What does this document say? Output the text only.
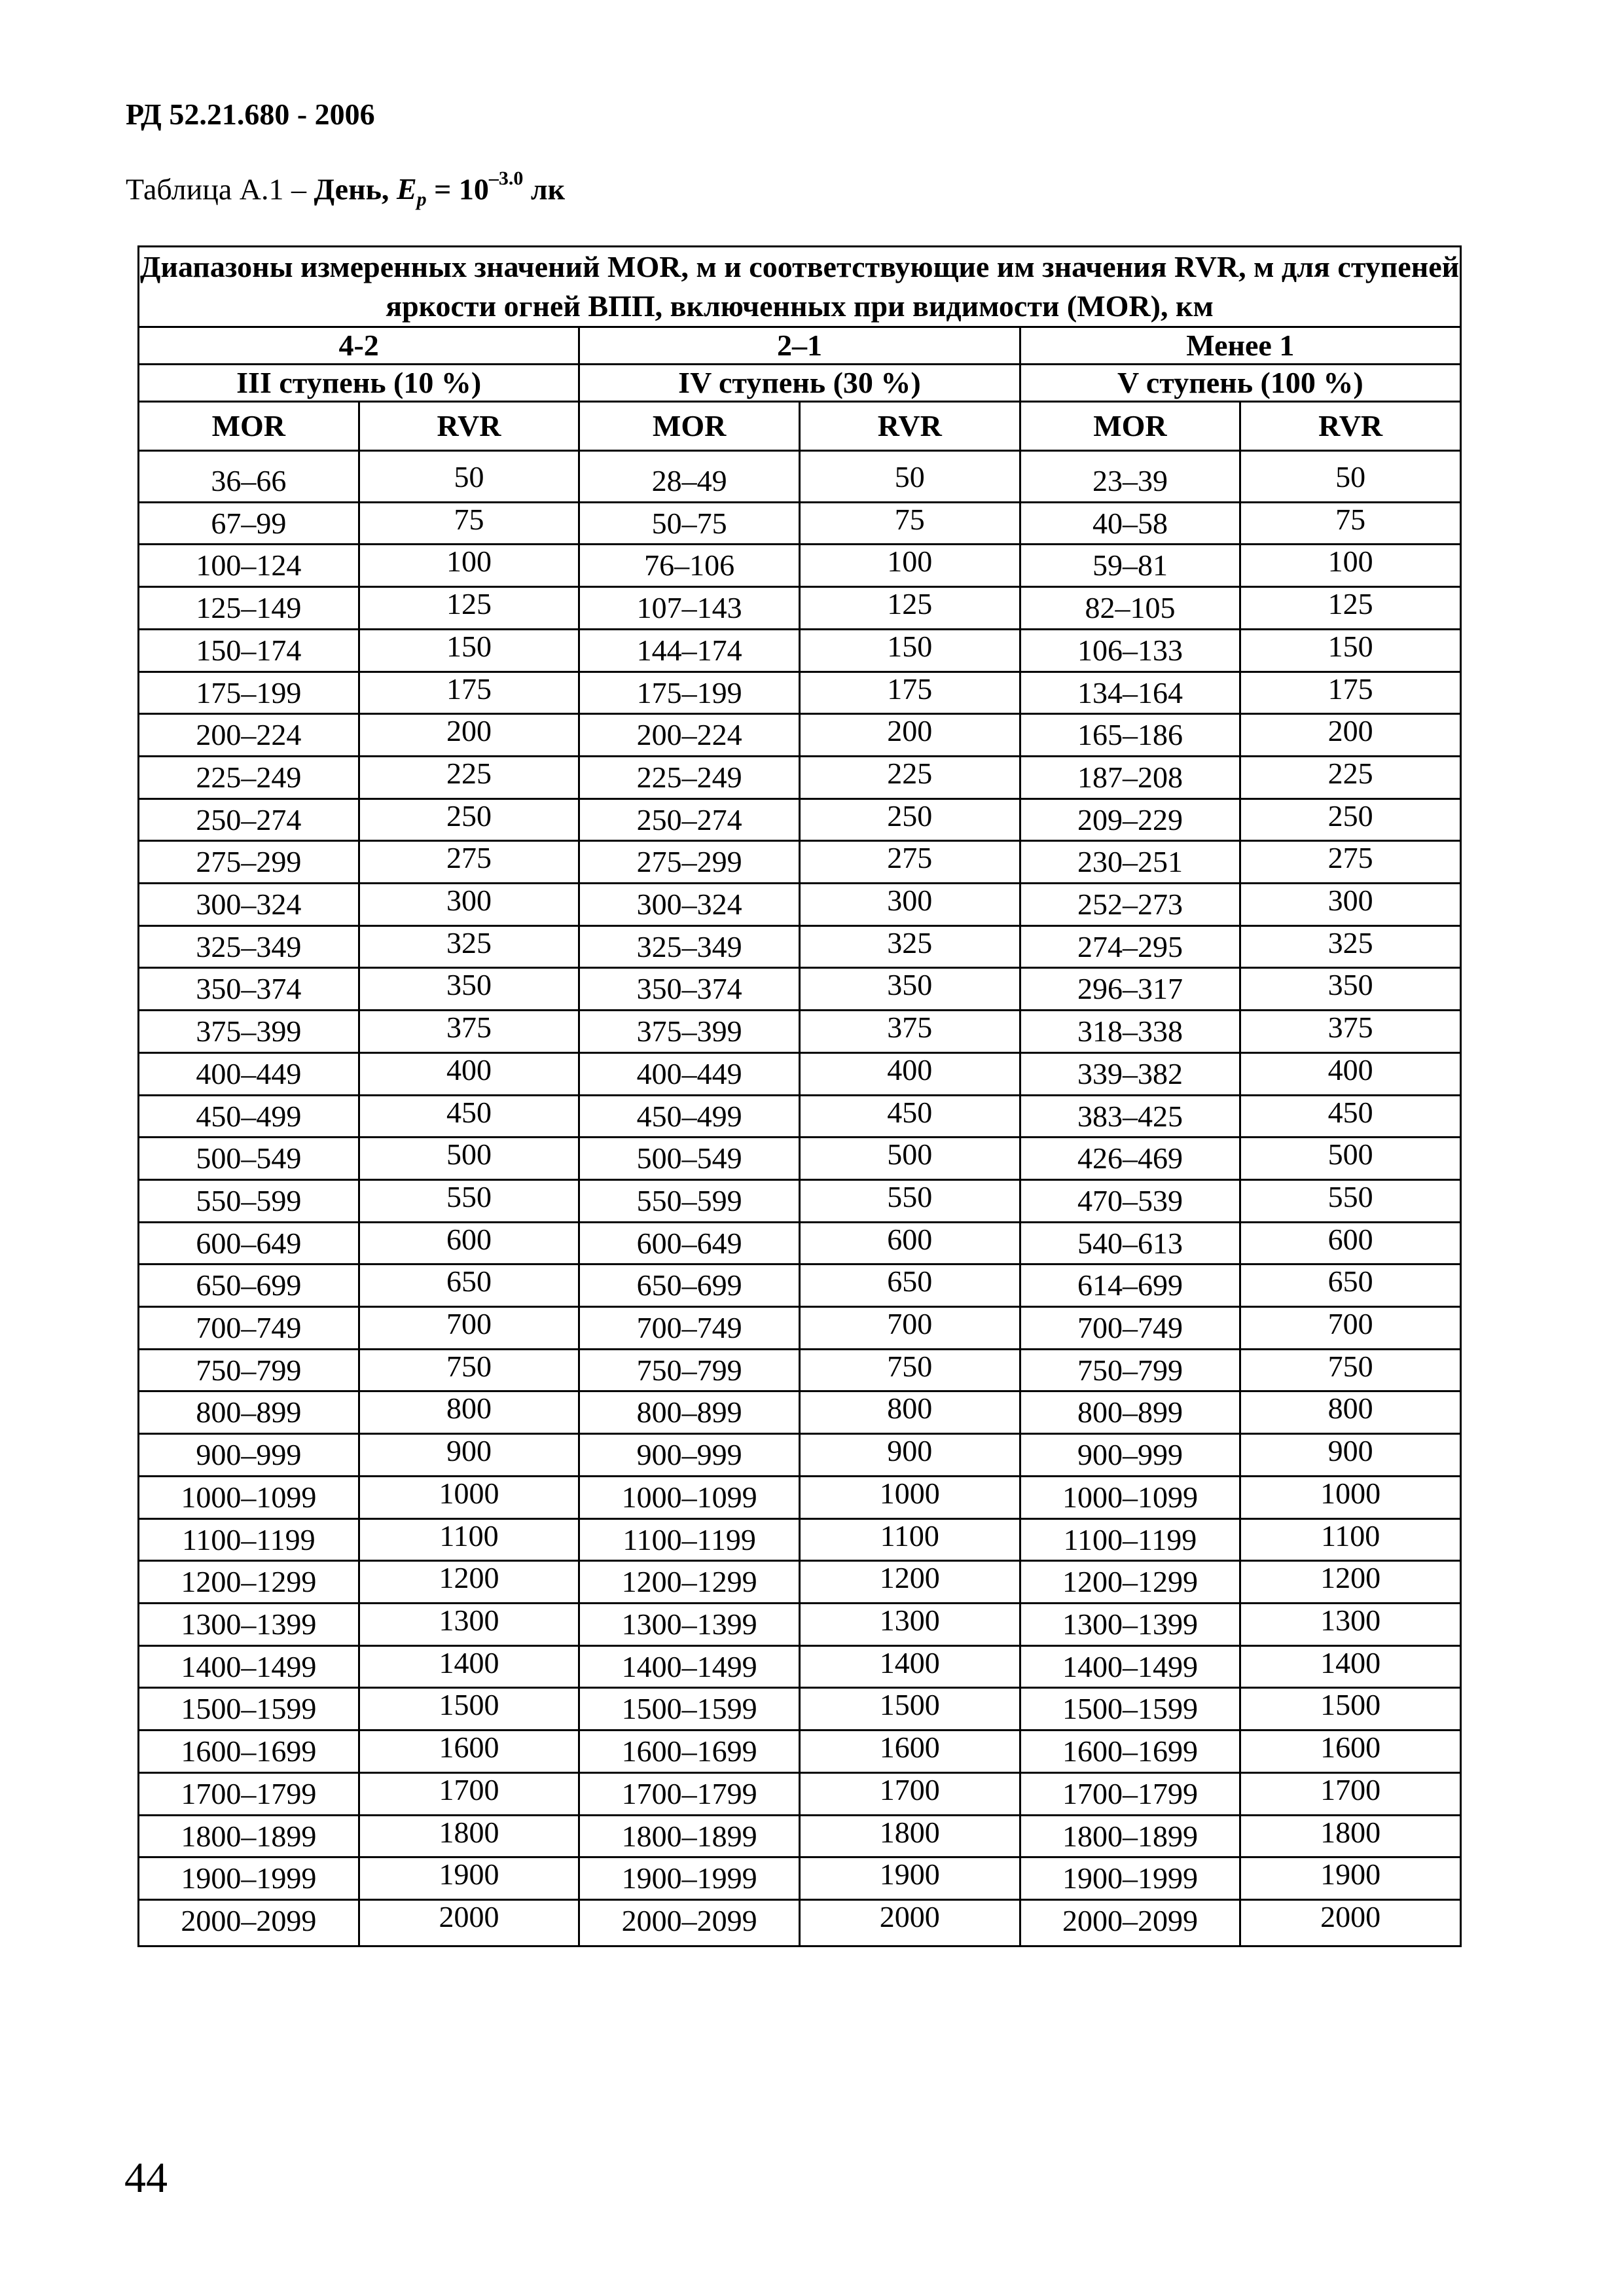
РД 52.21.680 - 2006
Таблица А.1 – День, $E_p = 10^{-3.0}$ лк
Диапазоны измеренных значений MOR, м и соответствующие им значения RVR, м для ступеней яркости огней ВПП, включенных при видимости (MOR), км					
4-2		2–1		Менее 1	
III ступень (10 %)		IV ступень (30 %)		V ступень (100 %)	
MOR	RVR	MOR	RVR	MOR	RVR
36–66	50	28–49	50	23–39	50
67–99	75	50–75	75	40–58	75
100–124	100	76–106	100	59–81	100
125–149	125	107–143	125	82–105	125
150–174	150	144–174	150	106–133	150
175–199	175	175–199	175	134–164	175
200–224	200	200–224	200	165–186	200
225–249	225	225–249	225	187–208	225
250–274	250	250–274	250	209–229	250
275–299	275	275–299	275	230–251	275
300–324	300	300–324	300	252–273	300
325–349	325	325–349	325	274–295	325
350–374	350	350–374	350	296–317	350
375–399	375	375–399	375	318–338	375
400–449	400	400–449	400	339–382	400
450–499	450	450–499	450	383–425	450
500–549	500	500–549	500	426–469	500
550–599	550	550–599	550	470–539	550
600–649	600	600–649	600	540–613	600
650–699	650	650–699	650	614–699	650
700–749	700	700–749	700	700–749	700
750–799	750	750–799	750	750–799	750
800–899	800	800–899	800	800–899	800
900–999	900	900–999	900	900–999	900
1000–1099	1000	1000–1099	1000	1000–1099	1000
1100–1199	1100	1100–1199	1100	1100–1199	1100
1200–1299	1200	1200–1299	1200	1200–1299	1200
1300–1399	1300	1300–1399	1300	1300–1399	1300
1400–1499	1400	1400–1499	1400	1400–1499	1400
1500–1599	1500	1500–1599	1500	1500–1599	1500
1600–1699	1600	1600–1699	1600	1600–1699	1600
1700–1799	1700	1700–1799	1700	1700–1799	1700
1800–1899	1800	1800–1899	1800	1800–1899	1800
1900–1999	1900	1900–1999	1900	1900–1999	1900
2000–2099	2000	2000–2099	2000	2000–2099	2000
44
